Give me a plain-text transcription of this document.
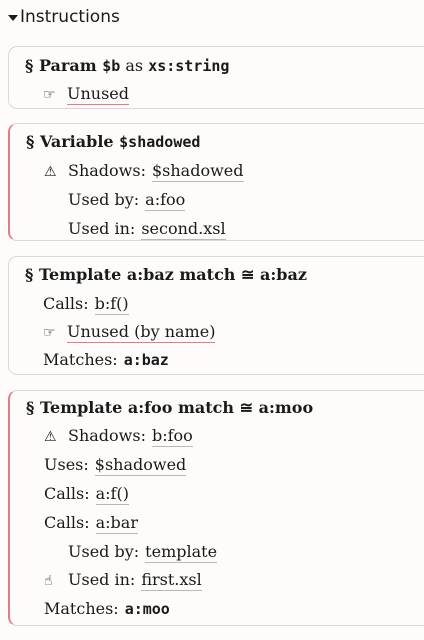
Instructions
§ Param $b as xs:string
☞ Unused
§ Variable $shadowed
⚠ Shadows: $shadowed
Used by: a:foo
Used in: second.xsl
§ Template a:baz match ≅ a:baz
Calls: b:f()
☞ Unused (by name)
Matches: a:baz
§ Template a:foo match ≅ a:moo
⚠ Shadows: b:foo
Uses: $shadowed
Calls: a:f()
Calls: a:bar
Used by: template
☝ Used in: first.xsl
Matches: a:moo
